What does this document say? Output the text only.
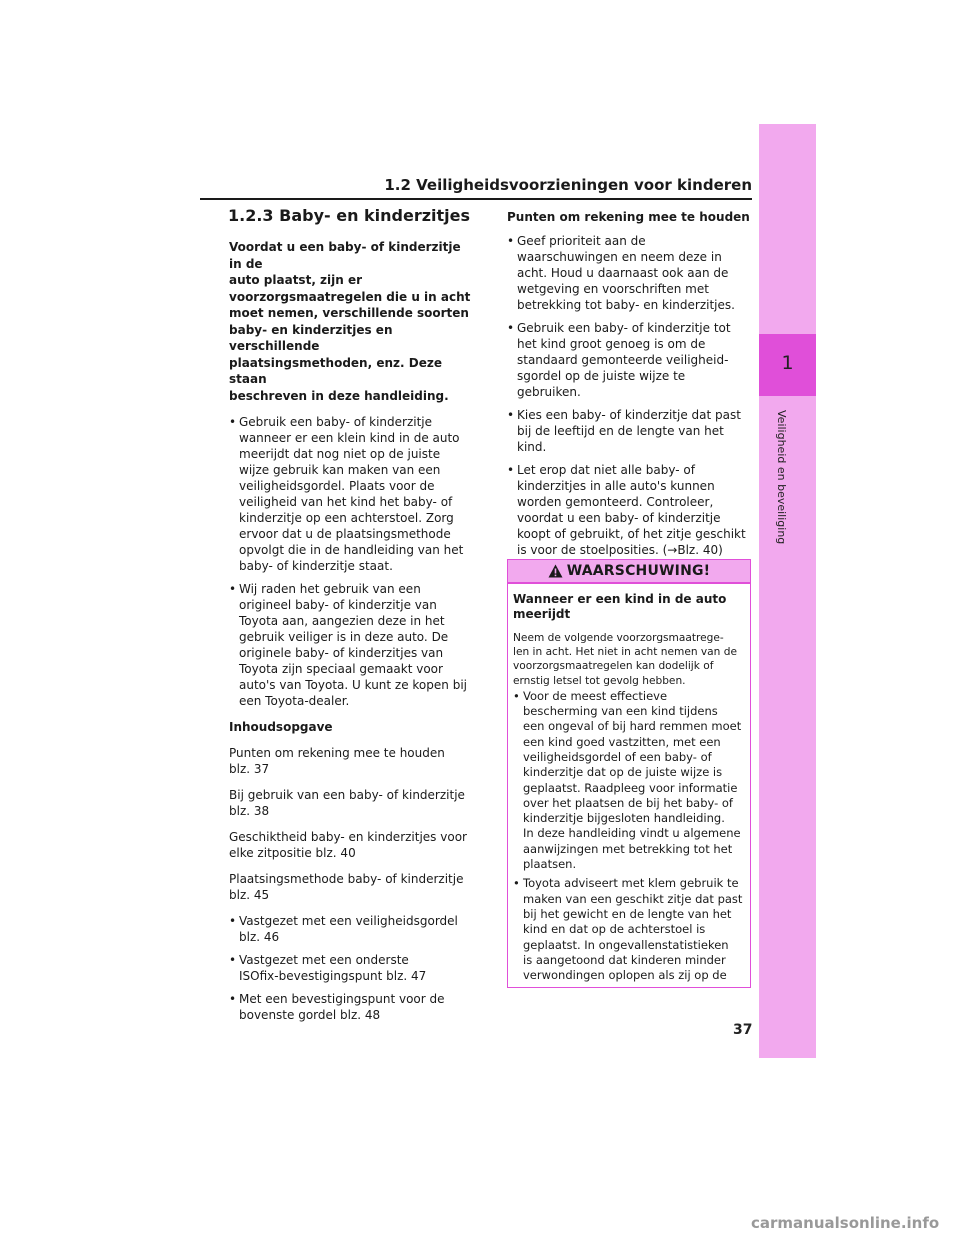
1
Veiligheid en beveiliging
1.2 Veiligheidsvoorzieningen voor kinderen
1.2.3 Baby- en kinderzitjes
Voordat u een baby- of kinderzitje in de
auto plaatst, zijn er
voorzorgsmaatregelen die u in acht
moet nemen, verschillende soorten
baby- en kinderzitjes en verschillende
plaatsingsmethoden, enz. Deze staan
beschreven in deze handleiding.
• Gebruik een baby- of kinderzitje
wanneer er een klein kind in de auto
meerijdt dat nog niet op de juiste
wijze gebruik kan maken van een
veiligheidsgordel. Plaats voor de
veiligheid van het kind het baby- of
kinderzitje op een achterstoel. Zorg
ervoor dat u de plaatsingsmethode
opvolgt die in de handleiding van het
baby- of kinderzitje staat.
• Wij raden het gebruik van een
origineel baby- of kinderzitje van
Toyota aan, aangezien deze in het
gebruik veiliger is in deze auto. De
originele baby- of kinderzitjes van
Toyota zijn speciaal gemaakt voor
auto's van Toyota. U kunt ze kopen bij
een Toyota-dealer.
Inhoudsopgave

Punten om rekening mee te houden
blz. 37

Bij gebruik van een baby- of kinderzitje
blz. 38

Geschiktheid baby- en kinderzitjes voor
elke zitpositie blz. 40

Plaatsingsmethode baby- of kinderzitje
blz. 45

• Vastgezet met een veiligheidsgordel
blz. 46
• Vastgezet met een onderste
ISOfix-bevestigingspunt blz. 47
• Met een bevestigingspunt voor de
bovenste gordel blz. 48
Punten om rekening mee te houden
• Geef prioriteit aan de
waarschuwingen en neem deze in
acht. Houd u daarnaast ook aan de
wetgeving en voorschriften met
betrekking tot baby- en kinderzitjes.
• Gebruik een baby- of kinderzitje tot
het kind groot genoeg is om de
standaard gemonteerde veiligheid-
sgordel op de juiste wijze te
gebruiken.
• Kies een baby- of kinderzitje dat past
bij de leeftijd en de lengte van het
kind.
• Let erop dat niet alle baby- of
kinderzitjes in alle auto's kunnen
worden gemonteerd. Controleer,
voordat u een baby- of kinderzitje
koopt of gebruikt, of het zitje geschikt
is voor de stoelposities. (→Blz. 40)
WAARSCHUWING!
Wanneer er een kind in de auto
meerijdt
Neem de volgende voorzorgsmaatrege-
len in acht. Het niet in acht nemen van de
voorzorgsmaatregelen kan dodelijk of
ernstig letsel tot gevolg hebben.
• Voor de meest effectieve
bescherming van een kind tijdens
een ongeval of bij hard remmen moet
een kind goed vastzitten, met een
veiligheidsgordel of een baby- of
kinderzitje dat op de juiste wijze is
geplaatst. Raadpleeg voor informatie
over het plaatsen de bij het baby- of
kinderzitje bijgesloten handleiding.
In deze handleiding vindt u algemene
aanwijzingen met betrekking tot het
plaatsen.
• Toyota adviseert met klem gebruik te
maken van een geschikt zitje dat past
bij het gewicht en de lengte van het
kind en dat op de achterstoel is
geplaatst. In ongevallenstatistieken
is aangetoond dat kinderen minder
verwondingen oplopen als zij op de
37
carmanualsonline.info
